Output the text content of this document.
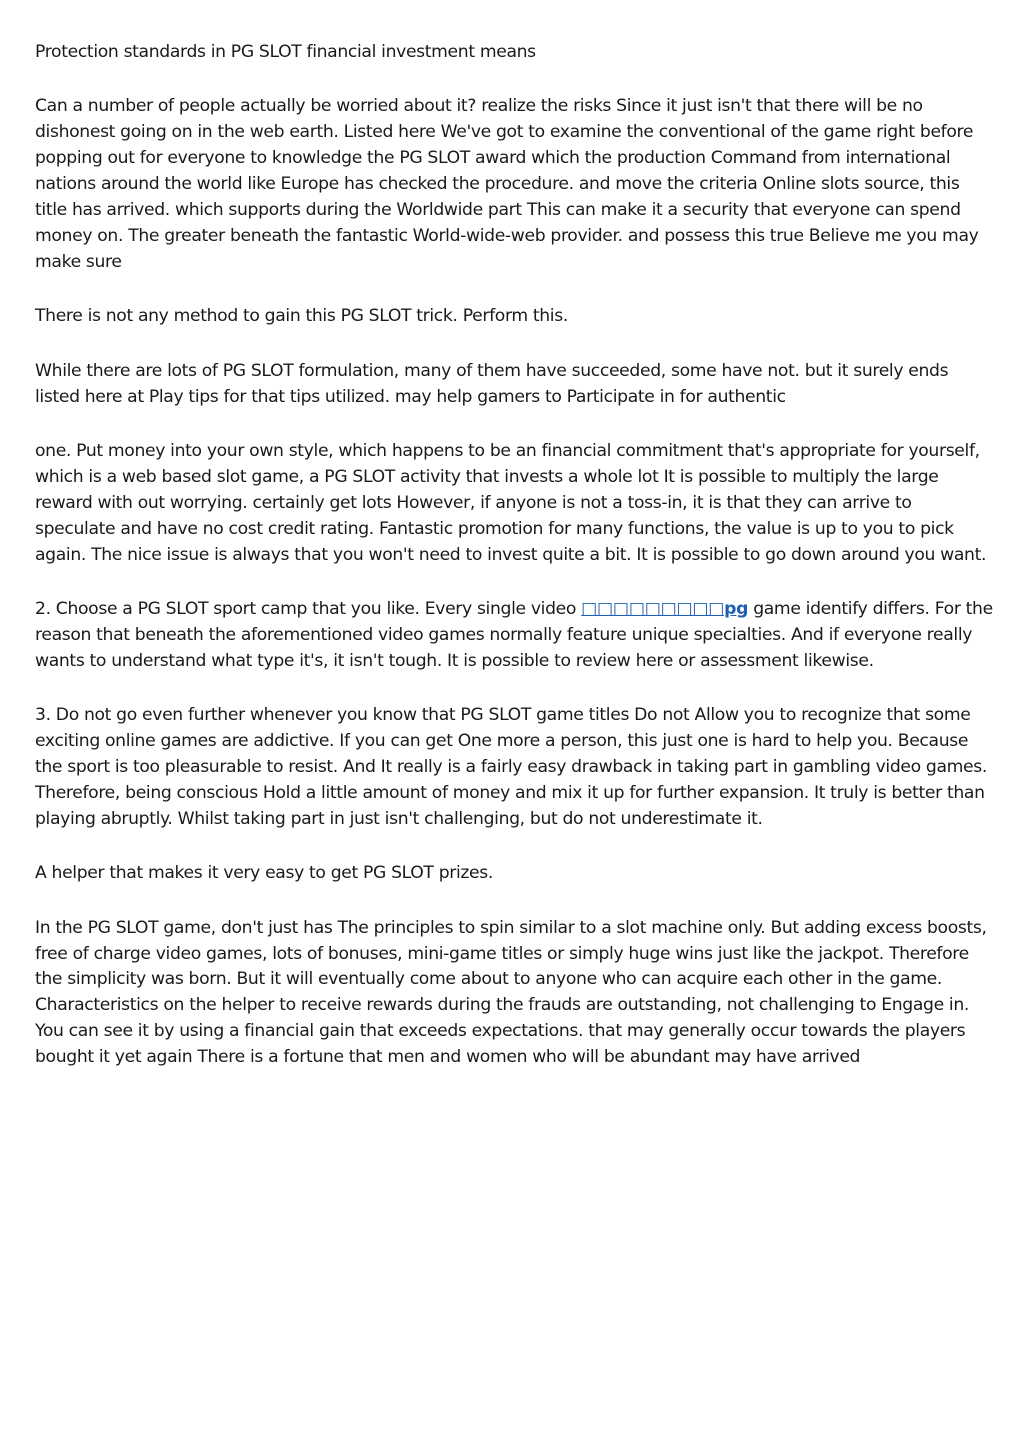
Protection standards in PG SLOT financial investment means

Can a number of people actually be worried about it? realize the risks Since it just isn't that there will be no dishonest going on in the web earth. Listed here We've got to examine the conventional of the game right before popping out for everyone to knowledge the PG SLOT award which the production Command from international nations around the world like Europe has checked the procedure. and move the criteria Online slots source, this title has arrived. which supports during the Worldwide part This can make it a security that everyone can spend money on. The greater beneath the fantastic World-wide-web provider. and possess this true Believe me you may make sure

There is not any method to gain this PG SLOT trick. Perform this.

While there are lots of PG SLOT formulation, many of them have succeeded, some have not. but it surely ends listed here at Play tips for that tips utilized. may help gamers to Participate in for authentic

one. Put money into your own style, which happens to be an financial commitment that's appropriate for yourself, which is a web based slot game, a PG SLOT activity that invests a whole lot It is possible to multiply the large reward with out worrying. certainly get lots However, if anyone is not a toss-in, it is that they can arrive to speculate and have no cost credit rating. Fantastic promotion for many functions, the value is up to you to pick again. The nice issue is always that you won't need to invest quite a bit. It is possible to go down around you want.

2. Choose a PG SLOT sport camp that you like. Every single video □□□□□□□□□pg game identify differs. For the reason that beneath the aforementioned video games normally feature unique specialties. And if everyone really wants to understand what type it's, it isn't tough. It is possible to review here or assessment likewise.

3. Do not go even further whenever you know that PG SLOT game titles Do not Allow you to recognize that some exciting online games are addictive. If you can get One more a person, this just one is hard to help you. Because the sport is too pleasurable to resist. And It really is a fairly easy drawback in taking part in gambling video games. Therefore, being conscious Hold a little amount of money and mix it up for further expansion. It truly is better than playing abruptly. Whilst taking part in just isn't challenging, but do not underestimate it.

A helper that makes it very easy to get PG SLOT prizes.

In the PG SLOT game, don't just has The principles to spin similar to a slot machine only. But adding excess boosts, free of charge video games, lots of bonuses, mini-game titles or simply huge wins just like the jackpot. Therefore the simplicity was born. But it will eventually come about to anyone who can acquire each other in the game. Characteristics on the helper to receive rewards during the frauds are outstanding, not challenging to Engage in. You can see it by using a financial gain that exceeds expectations. that may generally occur towards the players bought it yet again There is a fortune that men and women who will be abundant may have arrived
